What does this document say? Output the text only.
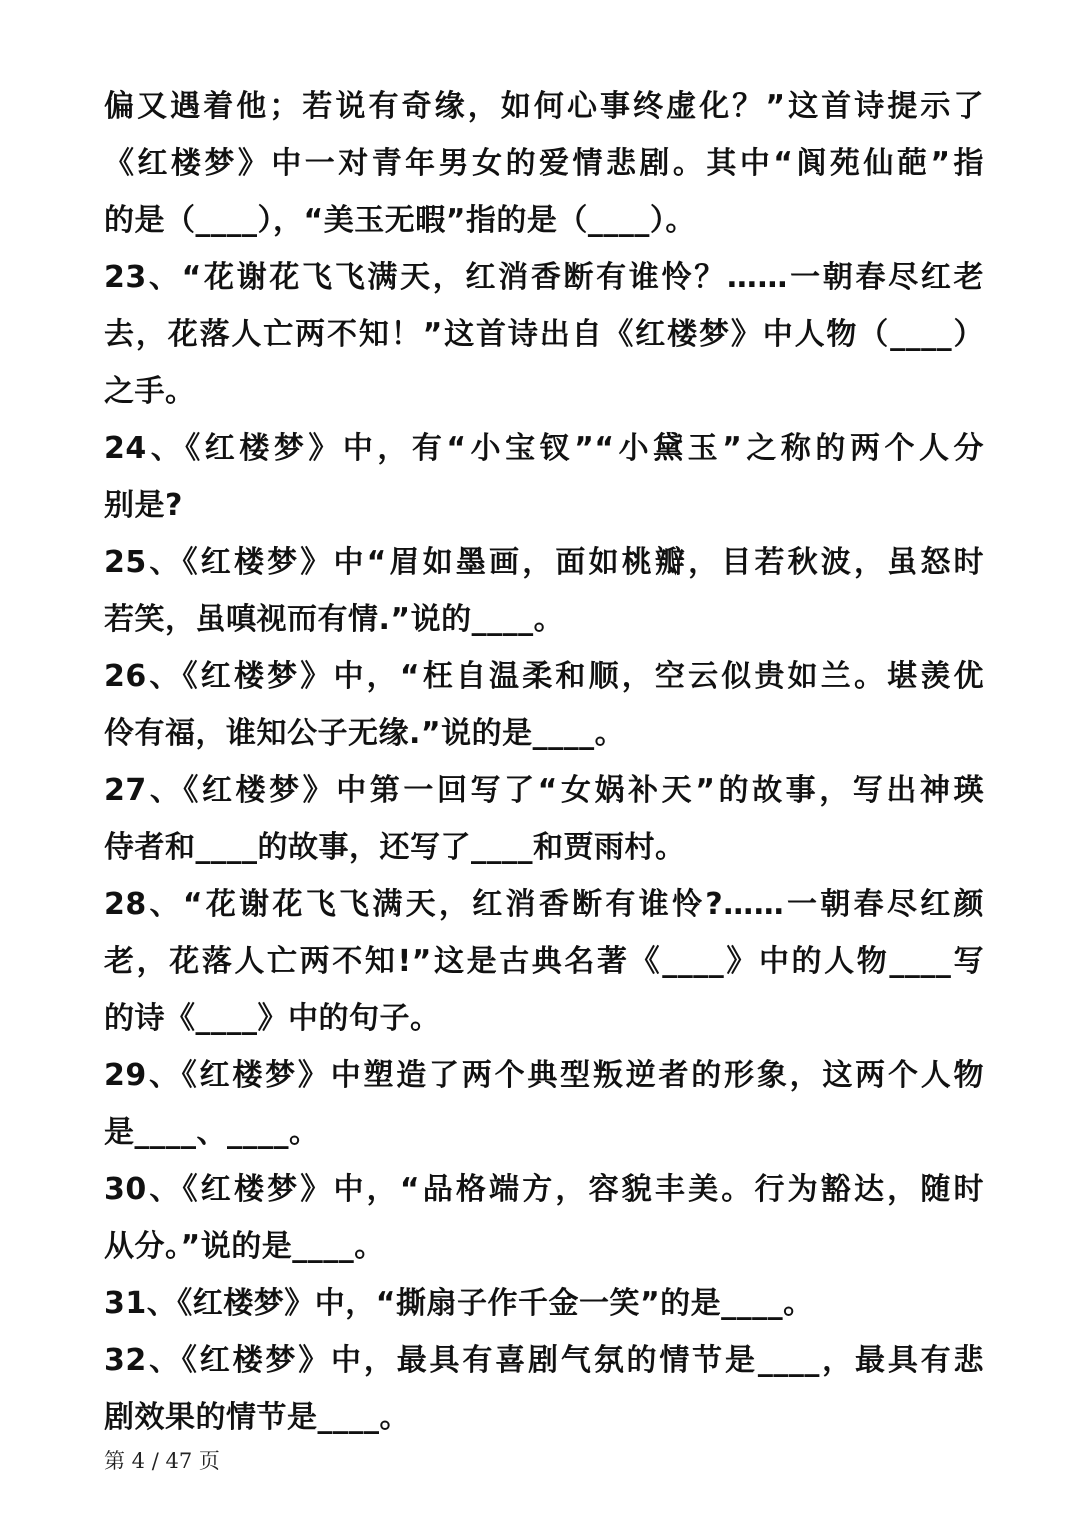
偏又遇着他；若说有奇缘，如何心事终虚化？”这首诗提示了
《红楼梦》中一对青年男女的爱情悲剧。其中“阆苑仙葩”指
的是（____），“美玉无暇”指的是（____）。
23、“花谢花飞飞满天，红消香断有谁怜？……一朝春尽红老
去，花落人亡两不知！”这首诗出自《红楼梦》中人物（____）
之手。
24、《红楼梦》中，有“小宝钗”“小黛玉”之称的两个人分
别是?
25、《红楼梦》中“眉如墨画，面如桃瓣，目若秋波，虽怒时
若笑，虽嗔视而有情.”说的____。
26、《红楼梦》中，“枉自温柔和顺，空云似贵如兰。堪羡优
伶有福，谁知公子无缘.”说的是____。
27、《红楼梦》中第一回写了“女娲补天”的故事，写出神瑛
侍者和____的故事，还写了____和贾雨村。
28、“花谢花飞飞满天，红消香断有谁怜?……一朝春尽红颜
老，花落人亡两不知!”这是古典名著《____》中的人物____写
的诗《____》中的句子。
29、《红楼梦》中塑造了两个典型叛逆者的形象，这两个人物
是____、____。
30、《红楼梦》中，“品格端方，容貌丰美。行为豁达，随时
从分。”说的是____。
31、《红楼梦》中，“撕扇子作千金一笑”的是____。
32、《红楼梦》中，最具有喜剧气氛的情节是____，最具有悲
剧效果的情节是____。
第 4 / 47 页
